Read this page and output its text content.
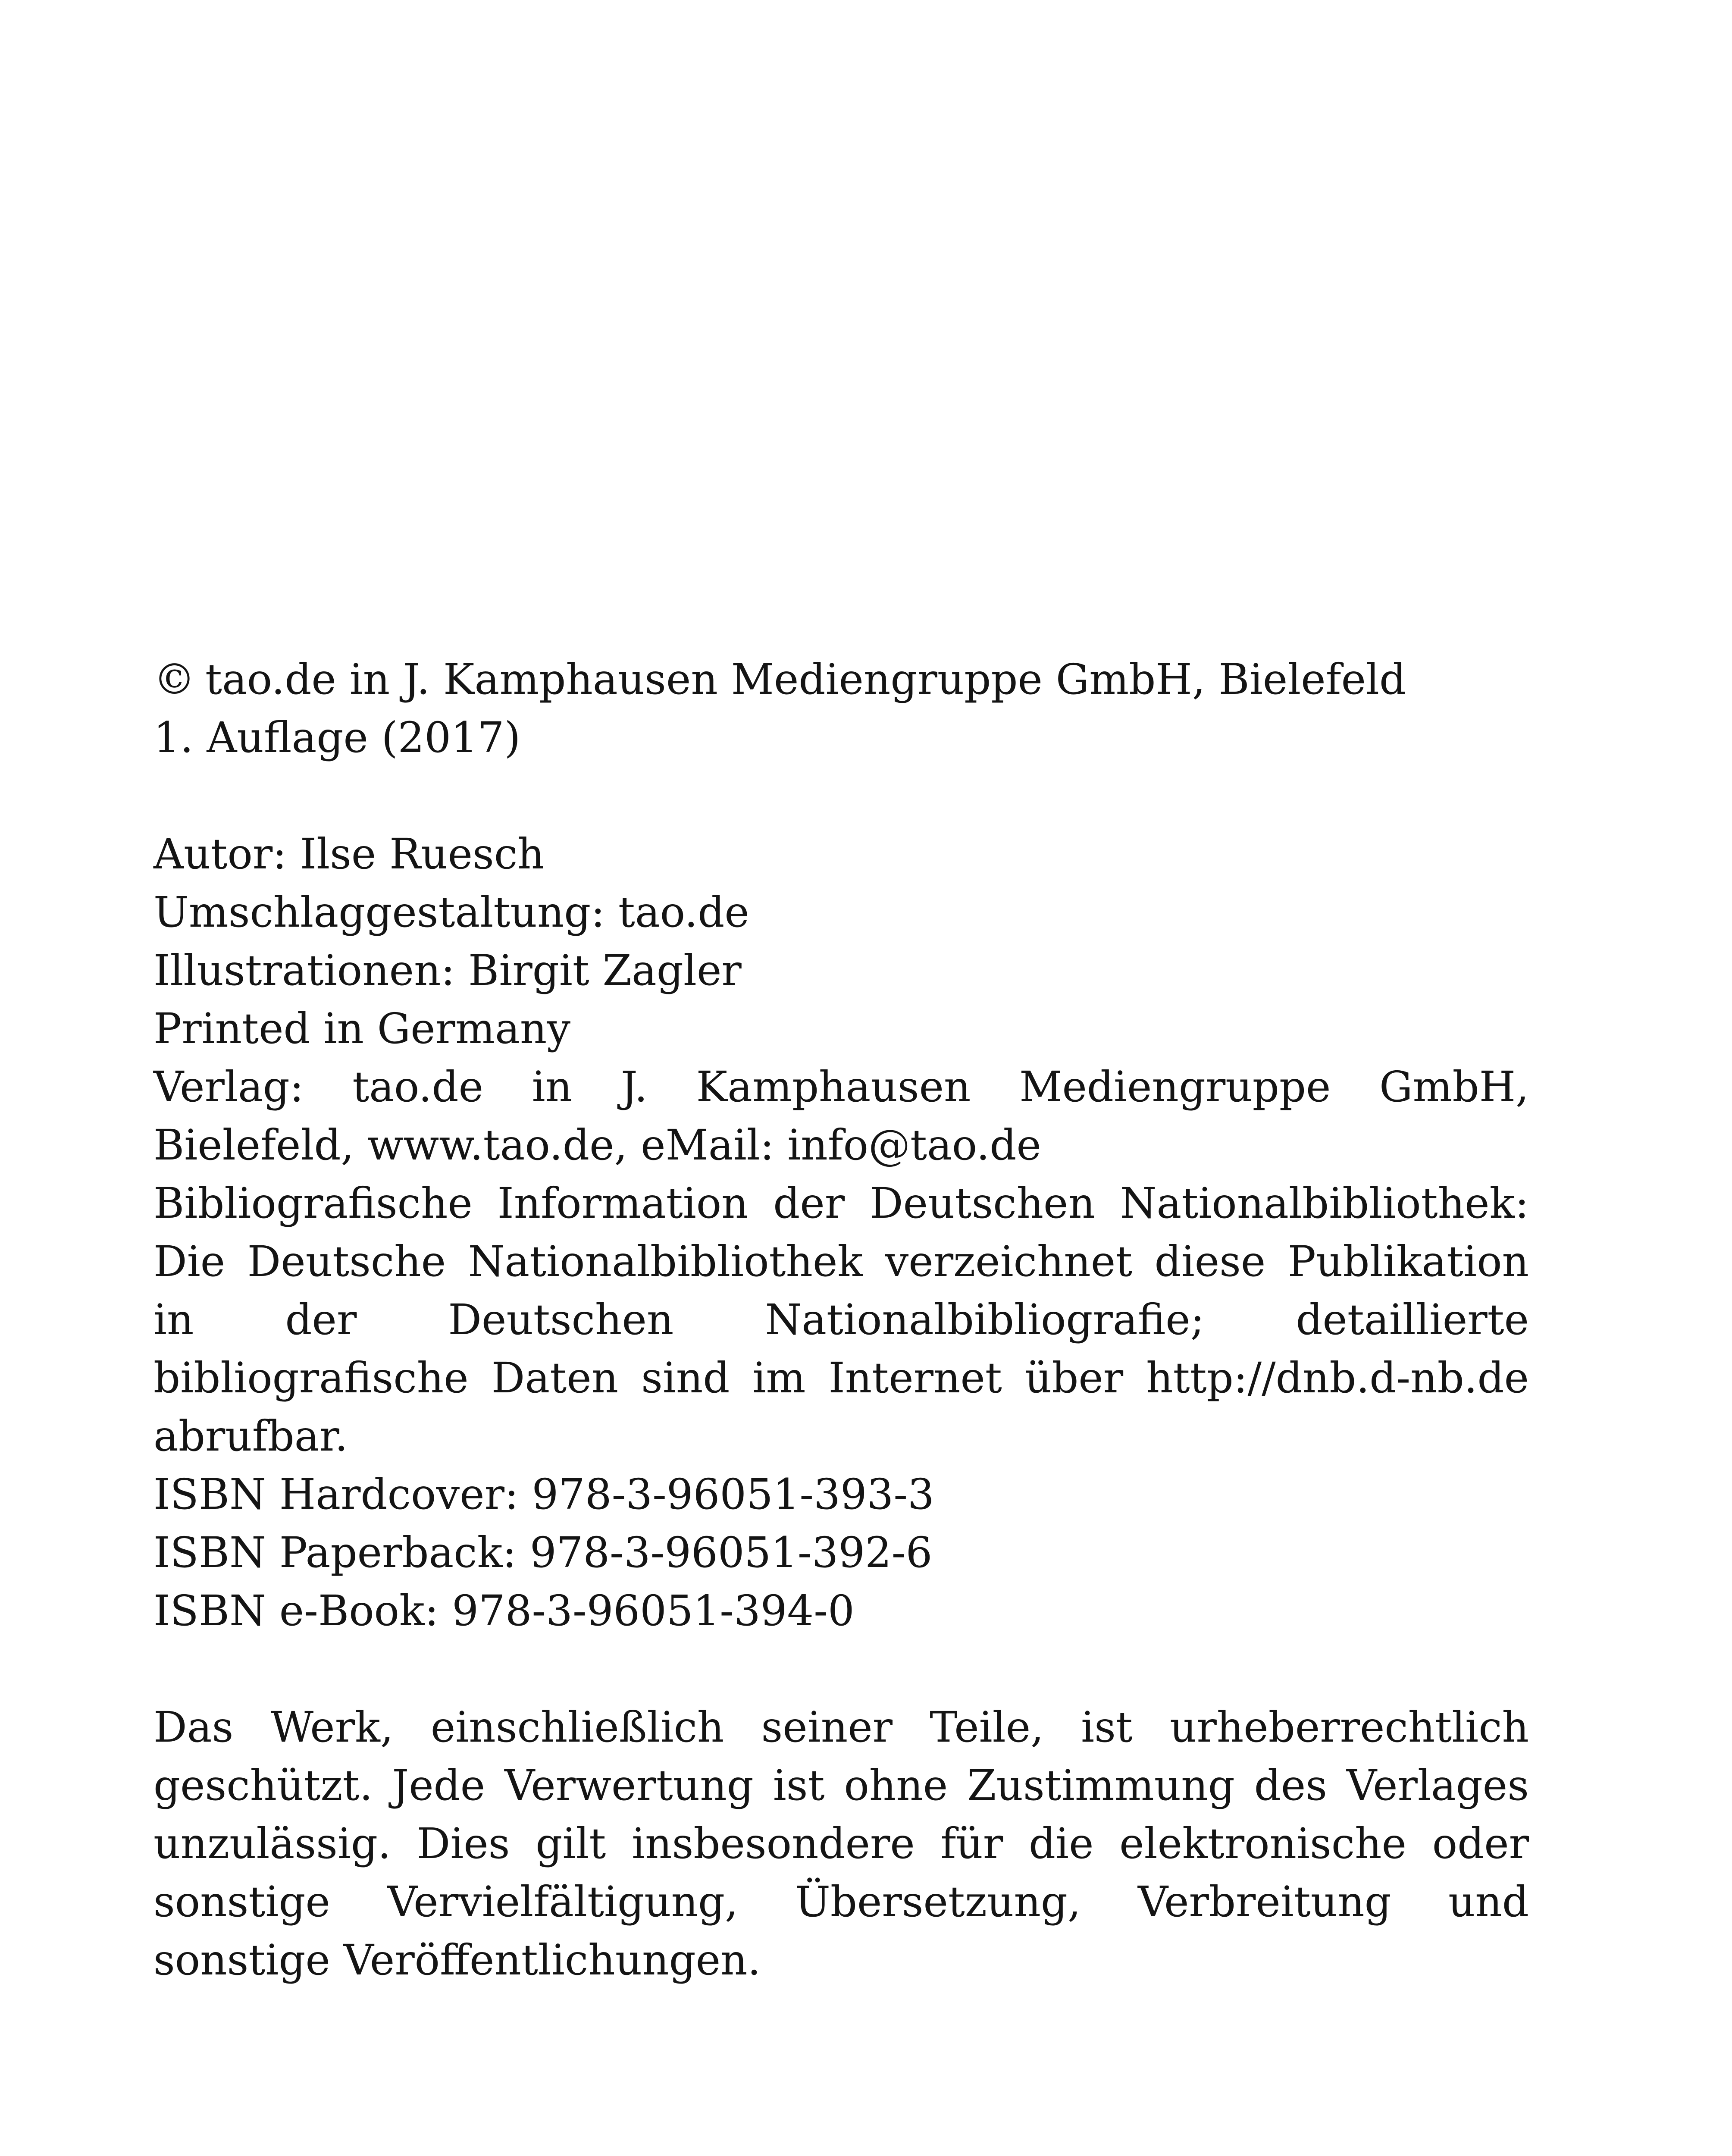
© tao.de in J. Kamphausen Mediengruppe GmbH, Bielefeld
1. Auflage (2017)
Autor: Ilse Ruesch
Umschlaggestaltung: tao.de
Illustrationen: Birgit Zagler
Printed in Germany
Verlag: tao.de in J. Kamphausen Mediengruppe GmbH, Bielefeld, www.tao.de, eMail: info@tao.de
Bibliografische Information der Deutschen Nationalbibliothek: Die Deutsche Nationalbibliothek verzeichnet diese Publikation in der Deutschen Nationalbibliografie; detaillierte bibliografische Daten sind im Internet über http://dnb.d-nb.de abrufbar.
ISBN Hardcover: 978-3-96051-393-3
ISBN Paperback: 978-3-96051-392-6
ISBN e-Book: 978-3-96051-394-0
Das Werk, einschließlich seiner Teile, ist urheberrechtlich geschützt. Jede Verwertung ist ohne Zustimmung des Verlages unzulässig. Dies gilt insbesondere für die elektronische oder sonstige Vervielfältigung, Übersetzung, Verbreitung und sonstige Veröffentlichungen.
